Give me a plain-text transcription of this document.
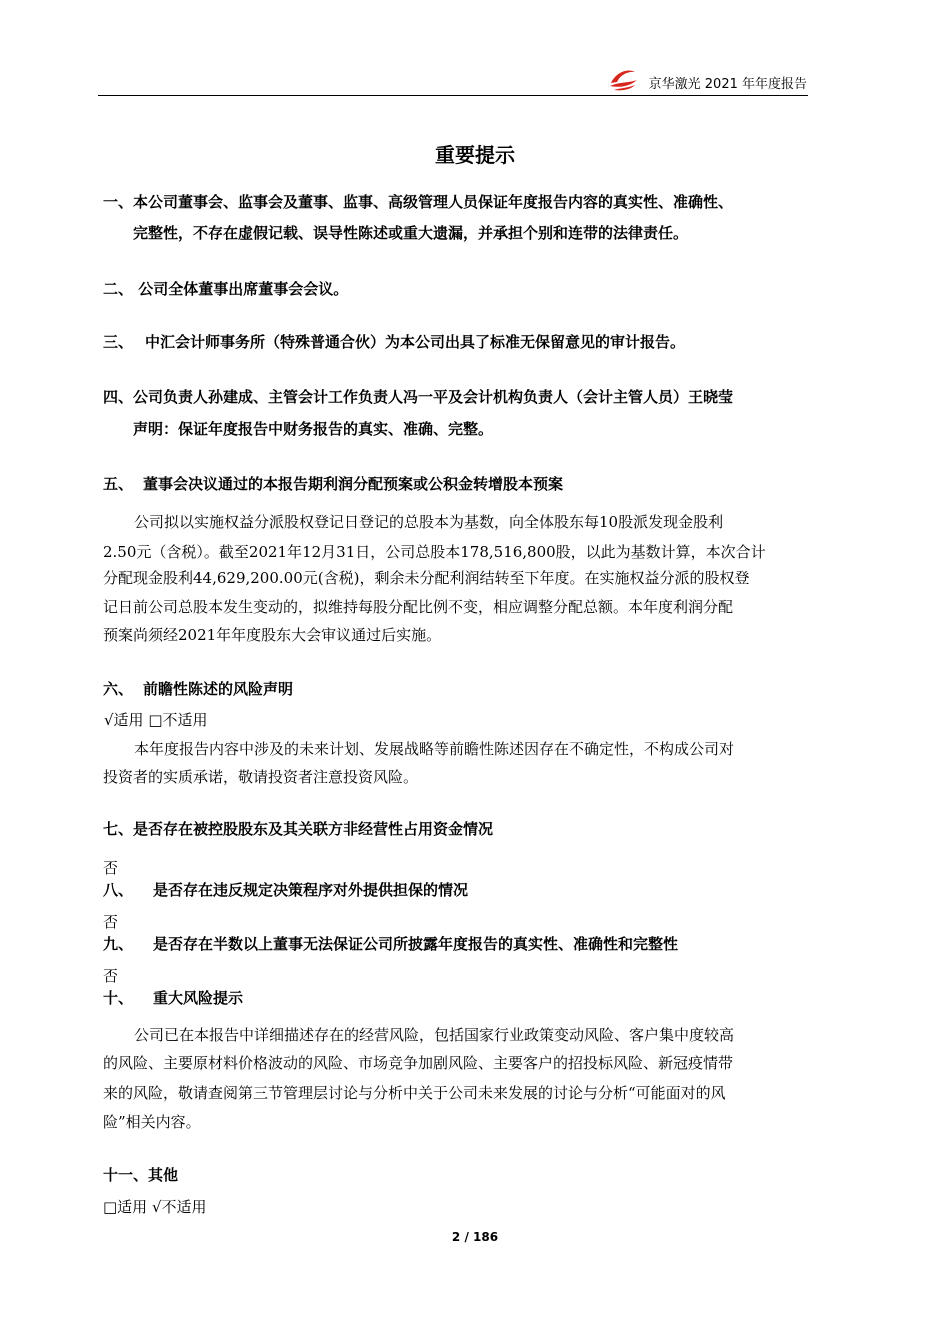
京华激光 2021 年年度报告
重要提示
一、本公司董事会、监事会及董事、监事、高级管理人员保证年度报告内容的真实性、准确性、
完整性，不存在虚假记载、误导性陈述或重大遗漏，并承担个别和连带的法律责任。
二、 公司全体董事出席董事会会议。
三、 中汇会计师事务所（特殊普通合伙）为本公司出具了标准无保留意见的审计报告。
四、公司负责人孙建成、主管会计工作负责人冯一平及会计机构负责人（会计主管人员）王晓莹
声明：保证年度报告中财务报告的真实、准确、完整。
五、 董事会决议通过的本报告期利润分配预案或公积金转增股本预案
公司拟以实施权益分派股权登记日登记的总股本为基数，向全体股东每10股派发现金股利
2.50元（含税）。截至2021年12月31日，公司总股本178,516,800股，以此为基数计算，本次合计
分配现金股利44,629,200.00元(含税)，剩余未分配利润结转至下年度。在实施权益分派的股权登
记日前公司总股本发生变动的，拟维持每股分配比例不变，相应调整分配总额。本年度利润分配
预案尚须经2021年年度股东大会审议通过后实施。
六、 前瞻性陈述的风险声明
√适用 □不适用
本年度报告内容中涉及的未来计划、发展战略等前瞻性陈述因存在不确定性，不构成公司对
投资者的实质承诺，敬请投资者注意投资风险。
七、是否存在被控股股东及其关联方非经营性占用资金情况
否
八、 是否存在违反规定决策程序对外提供担保的情况
否
九、 是否存在半数以上董事无法保证公司所披露年度报告的真实性、准确性和完整性
否
十、 重大风险提示
公司已在本报告中详细描述存在的经营风险，包括国家行业政策变动风险、客户集中度较高
的风险、主要原材料价格波动的风险、市场竞争加剧风险、主要客户的招投标风险、新冠疫情带
来的风险，敬请查阅第三节管理层讨论与分析中关于公司未来发展的讨论与分析“可能面对的风
险”相关内容。
十一、其他
□适用 √不适用
2 / 186
